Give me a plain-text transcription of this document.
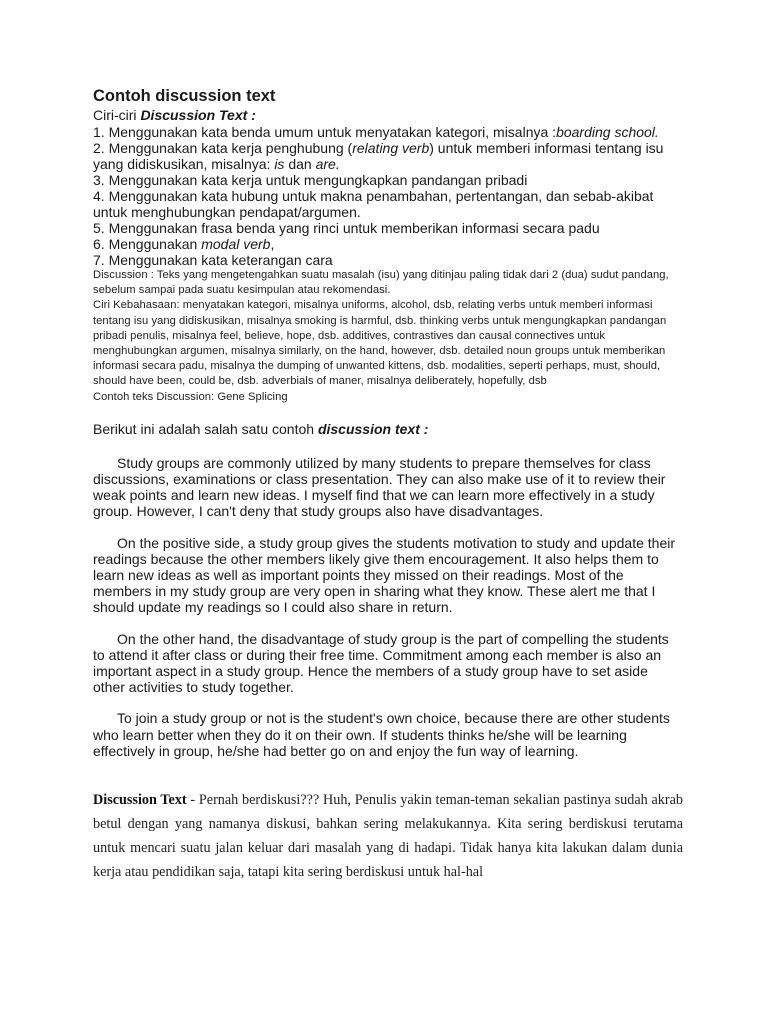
Contoh discussion text

Ciri-ciri Discussion Text :

1. Menggunakan kata benda umum untuk menyatakan kategori, misalnya :boarding school.
2. Menggunakan kata kerja penghubung (relating verb) untuk memberi informasi tentang isu yang didiskusikan, misalnya: is dan are.
3. Menggunakan kata kerja untuk mengungkapkan pandangan pribadi
4. Menggunakan kata hubung untuk makna penambahan, pertentangan, dan sebab-akibat untuk menghubungkan pendapat/argumen.
5. Menggunakan frasa benda yang rinci untuk memberikan informasi secara padu
6. Menggunakan modal verb,
7. Menggunakan kata keterangan cara

Discussion : Teks yang mengetengahkan suatu masalah (isu) yang ditinjau paling tidak dari 2 (dua) sudut pandang, sebelum sampai pada suatu kesimpulan atau rekomendasi.

Ciri Kebahasaan: menyatakan kategori, misalnya uniforms, alcohol, dsb, relating verbs untuk memberi informasi tentang isu yang didiskusikan, misalnya smoking is harmful, dsb. thinking verbs untuk mengungkapkan pandangan pribadi penulis, misalnya feel, believe, hope, dsb. additives, contrastives dan causal connectives untuk menghubungkan argumen, misalnya similarly, on the hand, however, dsb. detailed noun groups untuk memberikan informasi secara padu, misalnya the dumping of unwanted kittens, dsb. modalities, seperti perhaps, must, should, should have been, could be, dsb. adverbials of maner, misalnya deliberately, hopefully, dsb

Contoh teks Discussion: Gene Splicing

Berikut ini adalah salah satu contoh discussion text :

Study groups are commonly utilized by many students to prepare themselves for class discussions, examinations or class presentation. They can also make use of it to review their weak points and learn new ideas. I myself find that we can learn more effectively in a study group. However, I can't deny that study groups also have disadvantages.

On the positive side, a study group gives the students motivation to study and update their readings because the other members likely give them encouragement. It also helps them to learn new ideas as well as important points they missed on their readings. Most of the members in my study group are very open in sharing what they know. These alert me that I should update my readings so I could also share in return.

On the other hand, the disadvantage of study group is the part of compelling the students to attend it after class or during their free time. Commitment among each member is also an important aspect in a study group. Hence the members of a study group have to set aside other activities to study together.

To join a study group or not is the student's own choice, because there are other students who learn better when they do it on their own. If students thinks he/she will be learning effectively in group, he/she had better go on and enjoy the fun way of learning.

Discussion Text - Pernah berdiskusi??? Huh, Penulis yakin teman-teman sekalian pastinya sudah akrab betul dengan yang namanya diskusi, bahkan sering melakukannya. Kita sering berdiskusi terutama untuk mencari suatu jalan keluar dari masalah yang di hadapi. Tidak hanya kita lakukan dalam dunia kerja atau pendidikan saja, tatapi kita sering berdiskusi untuk hal-hal
